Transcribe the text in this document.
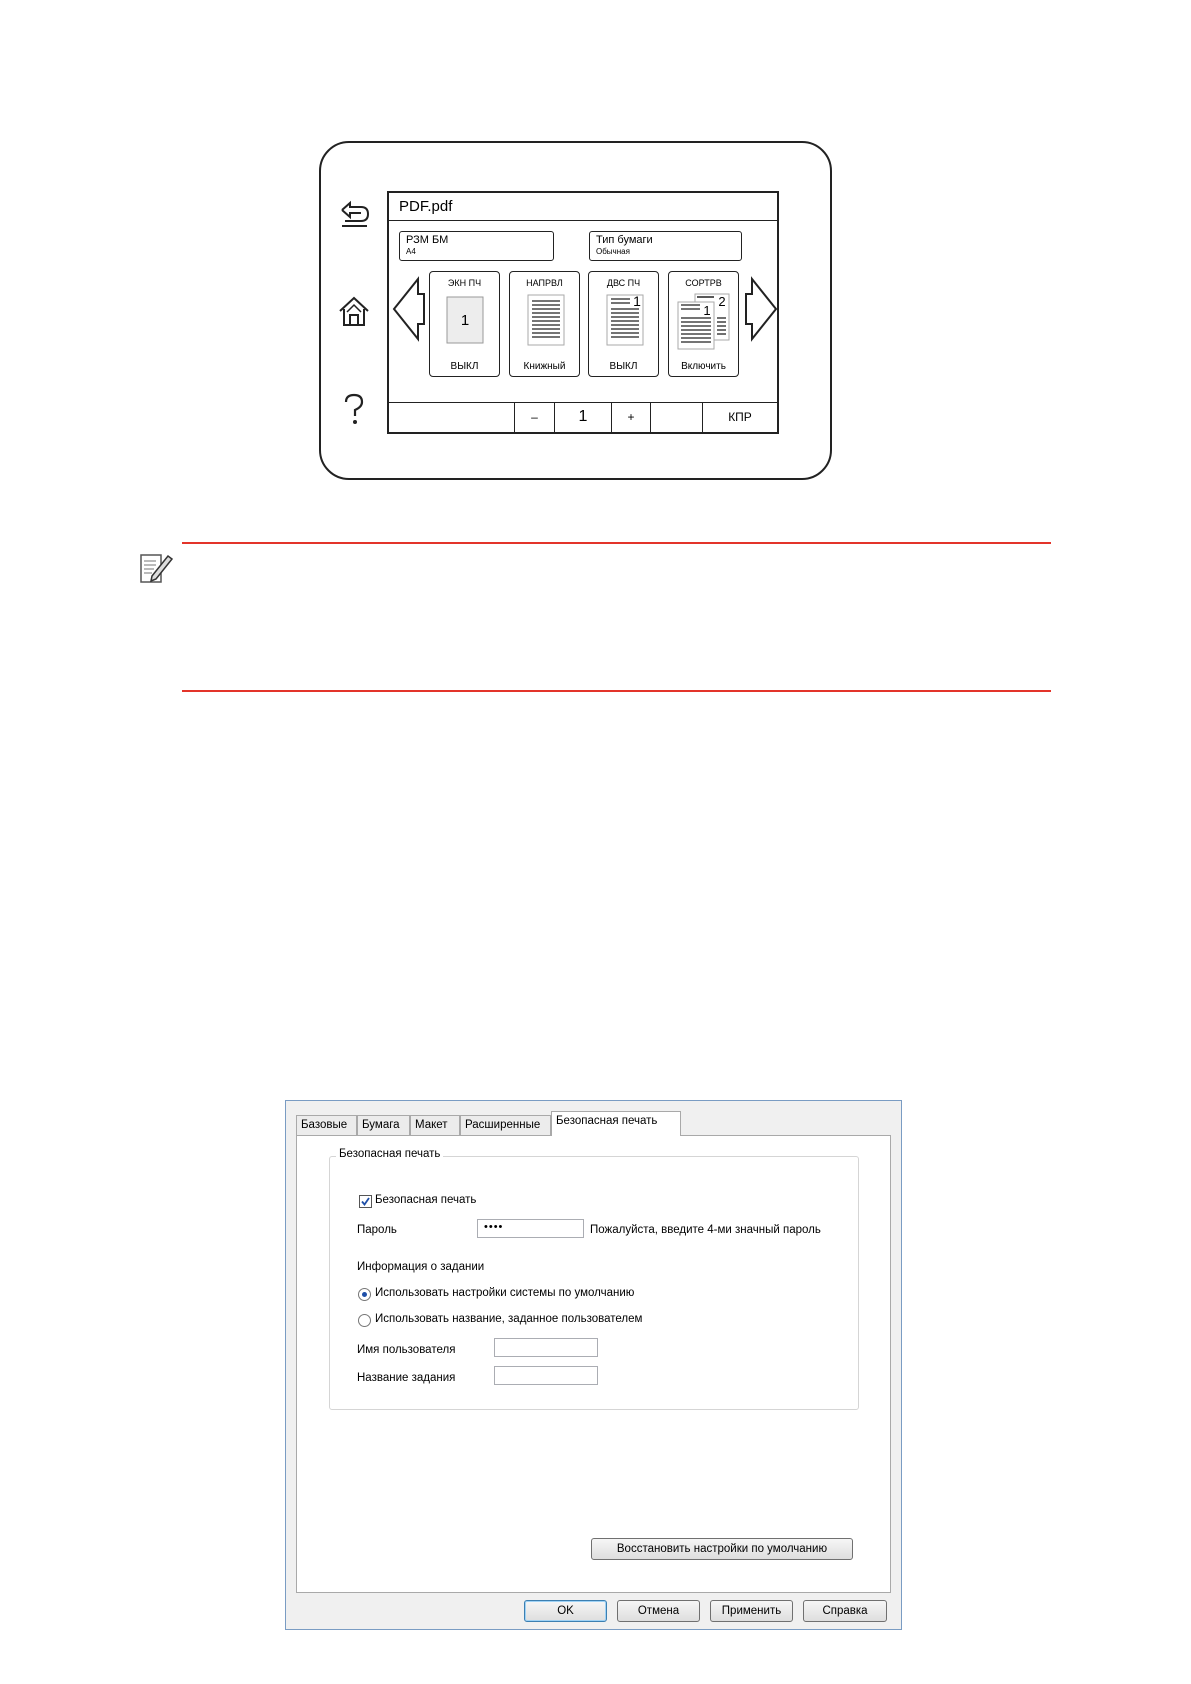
PDF.pdf
РЗМ БМ
A4
Тип бумаги
Обычная
ЭКН ПЧ
1
ВЫКЛ
НАПРВЛ
Книжный
ДВС ПЧ
1
ВЫКЛ
СОРТРВ
2
1
Включить
–	1	+	КПР
Базовые	Бумага	Макет	Расширенные	Безопасная печать
Безопасная печать
Безопасная печать
Пароль	••••	Пожалуйста, введите 4-ми значный пароль
Информация о задании
Использовать настройки системы по умолчанию
Использовать название, заданное пользователем
Имя пользователя
Название задания
Восстановить настройки по умолчанию
OK	Отмена	Применить	Справка
